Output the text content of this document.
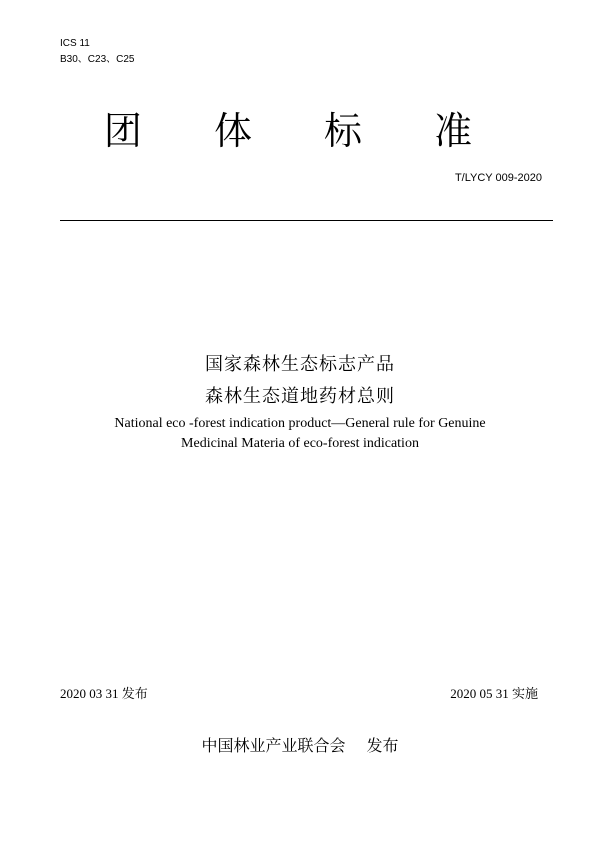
ICS 11
B30、C23、C25
团 体 标 准
T/LYCY 009-2020
国家森林生态标志产品
森林生态道地药材总则
National eco -forest indication product—General rule for Genuine
Medicinal Materia of eco-forest indication
2020 03 31 发布	2020 05 31 实施
中国林业产业联合会　 发布
